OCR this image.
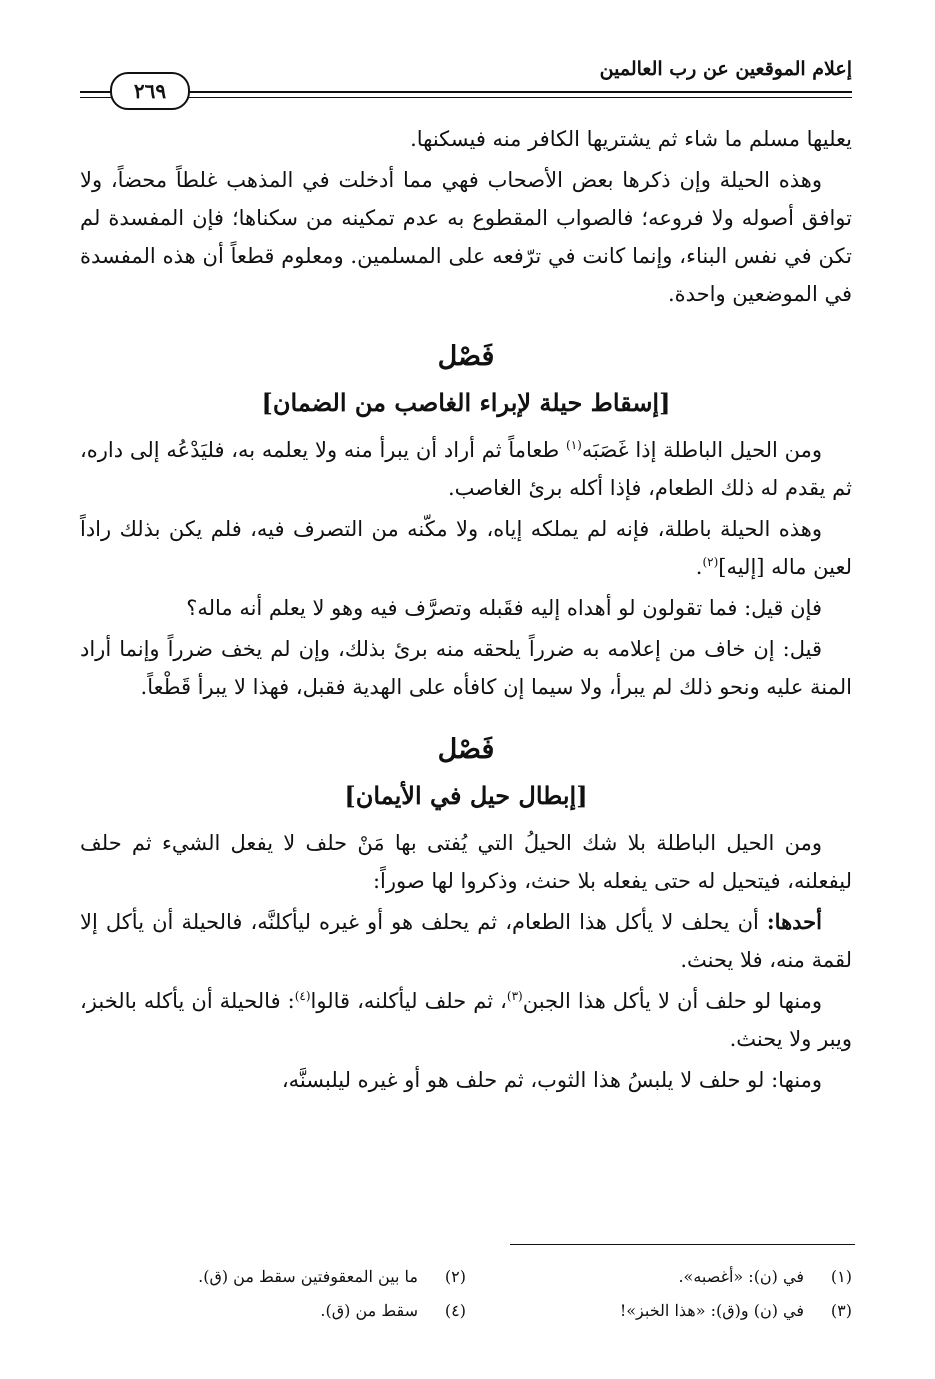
إعلام الموقعين عن رب العالمين
٢٦٩

يعليها مسلم ما شاء ثم يشتريها الكافر منه فيسكنها.

وهذه الحيلة وإن ذكرها بعض الأصحاب فهي مما أدخلت في المذهب غلطاً محضاً، ولا توافق أصوله ولا فروعه؛ فالصواب المقطوع به عدم تمكينه من سكناها؛ فإن المفسدة لم تكن في نفس البناء، وإنما كانت في ترّفعه على المسلمين. ومعلوم قطعاً أن هذه المفسدة في الموضعين واحدة.

فَصْل
[إسقاط حيلة لإبراء الغاصب من الضمان]

ومن الحيل الباطلة إذا غَصَبَه$^{(١)}$ طعاماً ثم أراد أن يبرأ منه ولا يعلمه به، فليَدْعُه إلى داره، ثم يقدم له ذلك الطعام، فإذا أكله برئ الغاصب.

وهذه الحيلة باطلة، فإنه لم يملكه إياه، ولا مكّنه من التصرف فيه، فلم يكن بذلك راداً لعين ماله [إليه]$^{(٢)}$.

فإن قيل: فما تقولون لو أهداه إليه فقَبله وتصرَّف فيه وهو لا يعلم أنه ماله؟

قيل: إن خاف من إعلامه به ضرراً يلحقه منه برئ بذلك، وإن لم يخف ضرراً وإنما أراد المنة عليه ونحو ذلك لم يبرأ، ولا سيما إن كافأه على الهدية فقبل، فهذا لا يبرأ قَطْعاً.

فَصْل
[إبطال حيل في الأيمان]

ومن الحيل الباطلة بلا شك الحيلُ التي يُفتى بها مَنْ حلف لا يفعل الشيء ثم حلف ليفعلنه، فيتحيل له حتى يفعله بلا حنث، وذكروا لها صوراً:

أحدها: أن يحلف لا يأكل هذا الطعام، ثم يحلف هو أو غيره ليأكلنَّه، فالحيلة أن يأكل إلا لقمة منه، فلا يحنث.

ومنها لو حلف أن لا يأكل هذا الجبن$^{(٣)}$، ثم حلف ليأكلنه، قالوا$^{(٤)}$: فالحيلة أن يأكله بالخبز، ويبر ولا يحنث.

ومنها: لو حلف لا يلبسُ هذا الثوب، ثم حلف هو أو غيره ليلبسنَّه،

(١)في (ن): «أغصبه».
(٢)ما بين المعقوفتين سقط من (ق).
(٣)في (ن) و(ق): «هذا الخبز»!
(٤)سقط من (ق).
